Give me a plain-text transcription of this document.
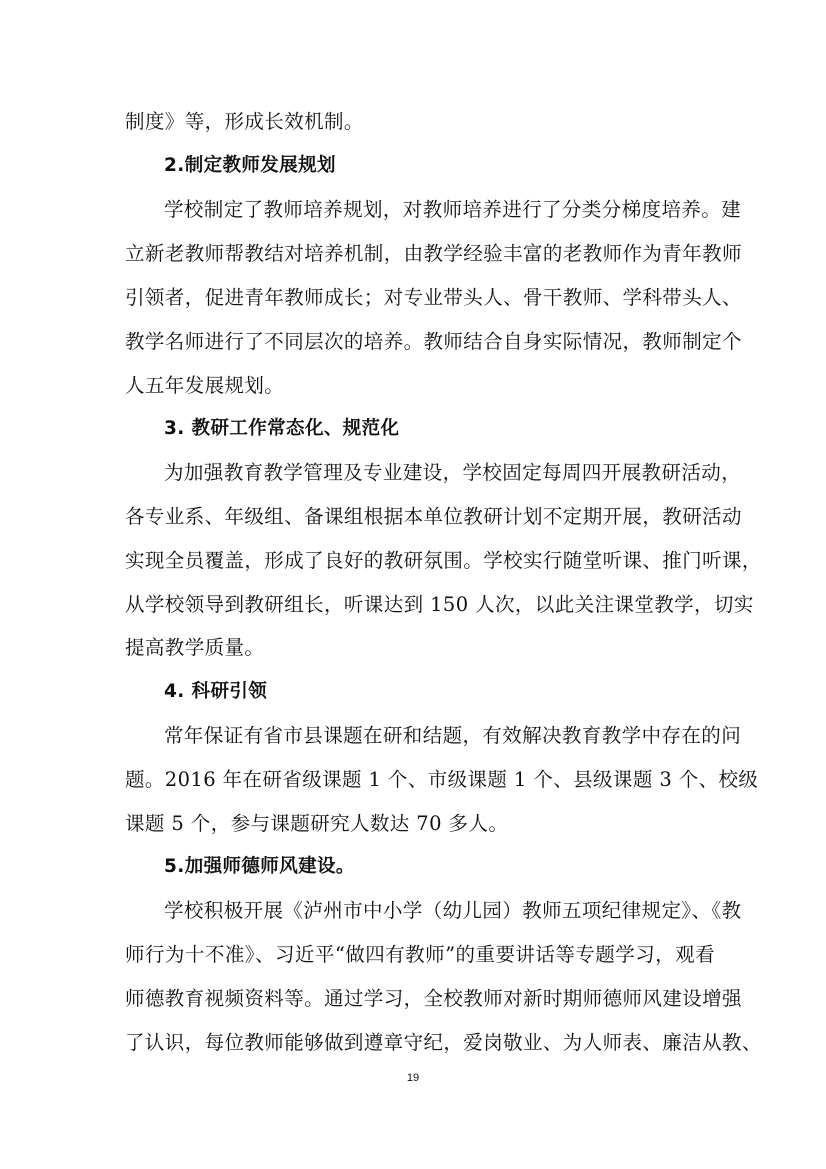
制度》等，形成长效机制。
2.制定教师发展规划
学校制定了教师培养规划，对教师培养进行了分类分梯度培养。建
立新老教师帮教结对培养机制，由教学经验丰富的老教师作为青年教师
引领者，促进青年教师成长；对专业带头人、骨干教师、学科带头人、
教学名师进行了不同层次的培养。教师结合自身实际情况，教师制定个
人五年发展规划。
3. 教研工作常态化、规范化
为加强教育教学管理及专业建设，学校固定每周四开展教研活动，
各专业系、年级组、备课组根据本单位教研计划不定期开展，教研活动
实现全员覆盖，形成了良好的教研氛围。学校实行随堂听课、推门听课，
从学校领导到教研组长，听课达到 150 人次，以此关注课堂教学，切实
提高教学质量。
4. 科研引领
常年保证有省市县课题在研和结题，有效解决教育教学中存在的问
题。2016 年在研省级课题 1 个、市级课题 1 个、县级课题 3 个、校级
课题 5 个，参与课题研究人数达 70 多人。
5.加强师德师风建设。
学校积极开展《泸州市中小学（幼儿园）教师五项纪律规定》、《教
师行为十不准》、习近平“做四有教师”的重要讲话等专题学习，观看
师德教育视频资料等。通过学习，全校教师对新时期师德师风建设增强
了认识，每位教师能够做到遵章守纪，爱岗敬业、为人师表、廉洁从教、
19
